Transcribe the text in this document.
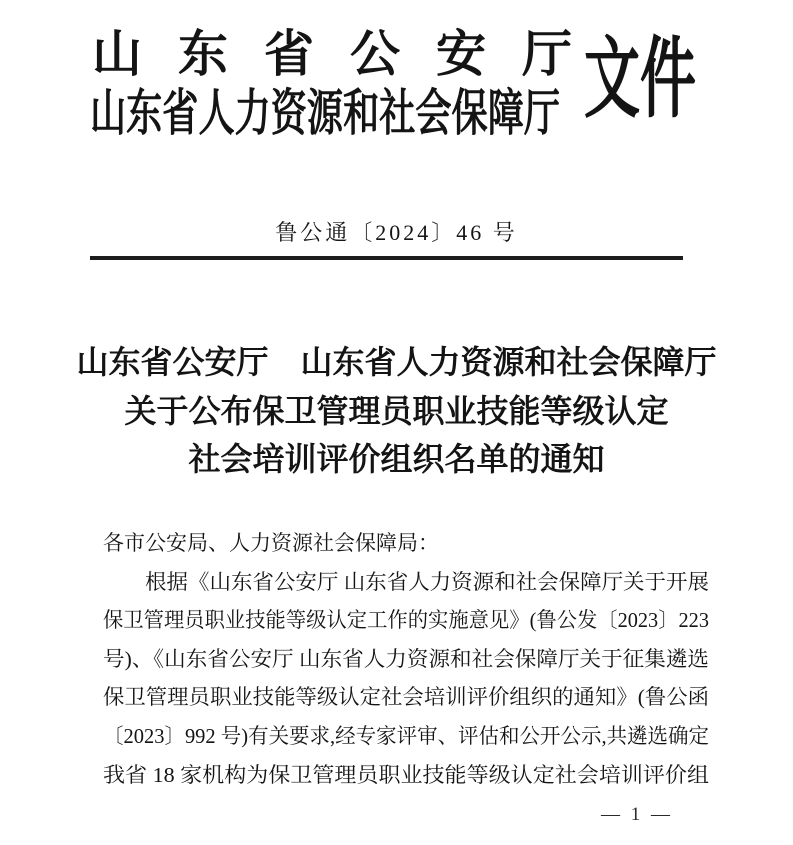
山东省公安厅
山东省人力资源和社会保障厅 文件
鲁公通〔2024〕46 号
山东省公安厅　山东省人力资源和社会保障厅
关于公布保卫管理员职业技能等级认定
社会培训评价组织名单的通知
各市公安局、人力资源社会保障局：
根据《山东省公安厅 山东省人力资源和社会保障厅关于开展
保卫管理员职业技能等级认定工作的实施意见》(鲁公发〔2023〕223
号)、《山东省公安厅 山东省人力资源和社会保障厅关于征集遴选
保卫管理员职业技能等级认定社会培训评价组织的通知》(鲁公函
〔2023〕992 号)有关要求,经专家评审、评估和公开公示,共遴选确定
我省 18 家机构为保卫管理员职业技能等级认定社会培训评价组
— 1 —
